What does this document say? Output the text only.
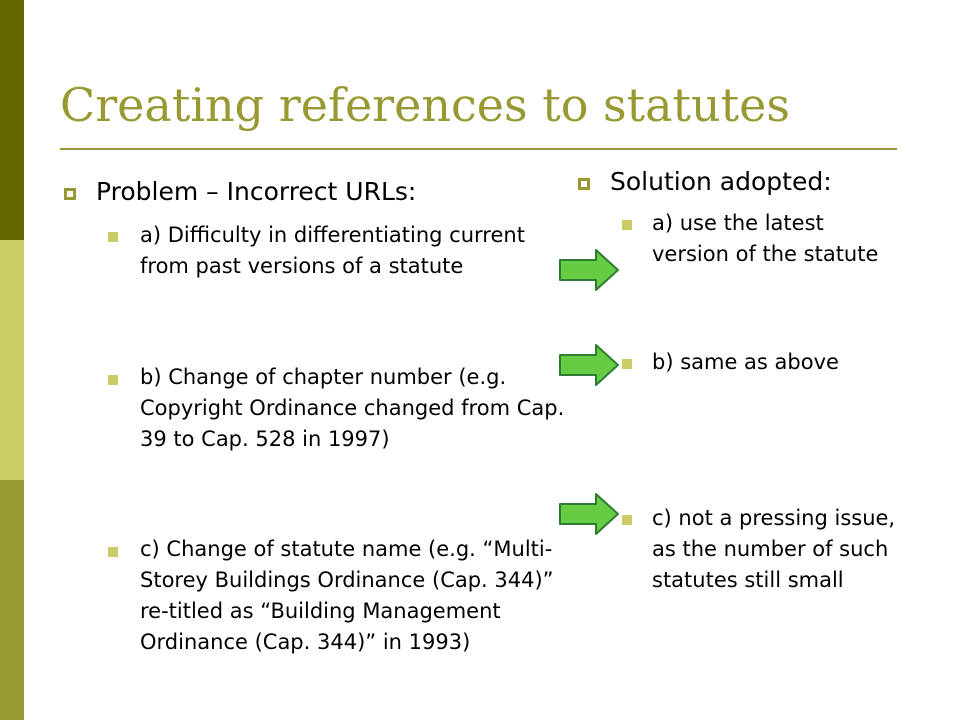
Creating references to statutes

Problem – Incorrect URLs:

a) Difficulty in differentiating current from past versions of a statute

b) Change of chapter number (e.g. Copyright Ordinance changed from Cap. 39 to Cap. 528 in 1997)

c) Change of statute name (e.g. “Multi-Storey Buildings Ordinance (Cap. 344)” re-titled as “Building Management Ordinance (Cap. 344)” in 1993)

Solution adopted:

a) use the latest version of the statute

b) same as above

c) not a pressing issue, as the number of such statutes still small
